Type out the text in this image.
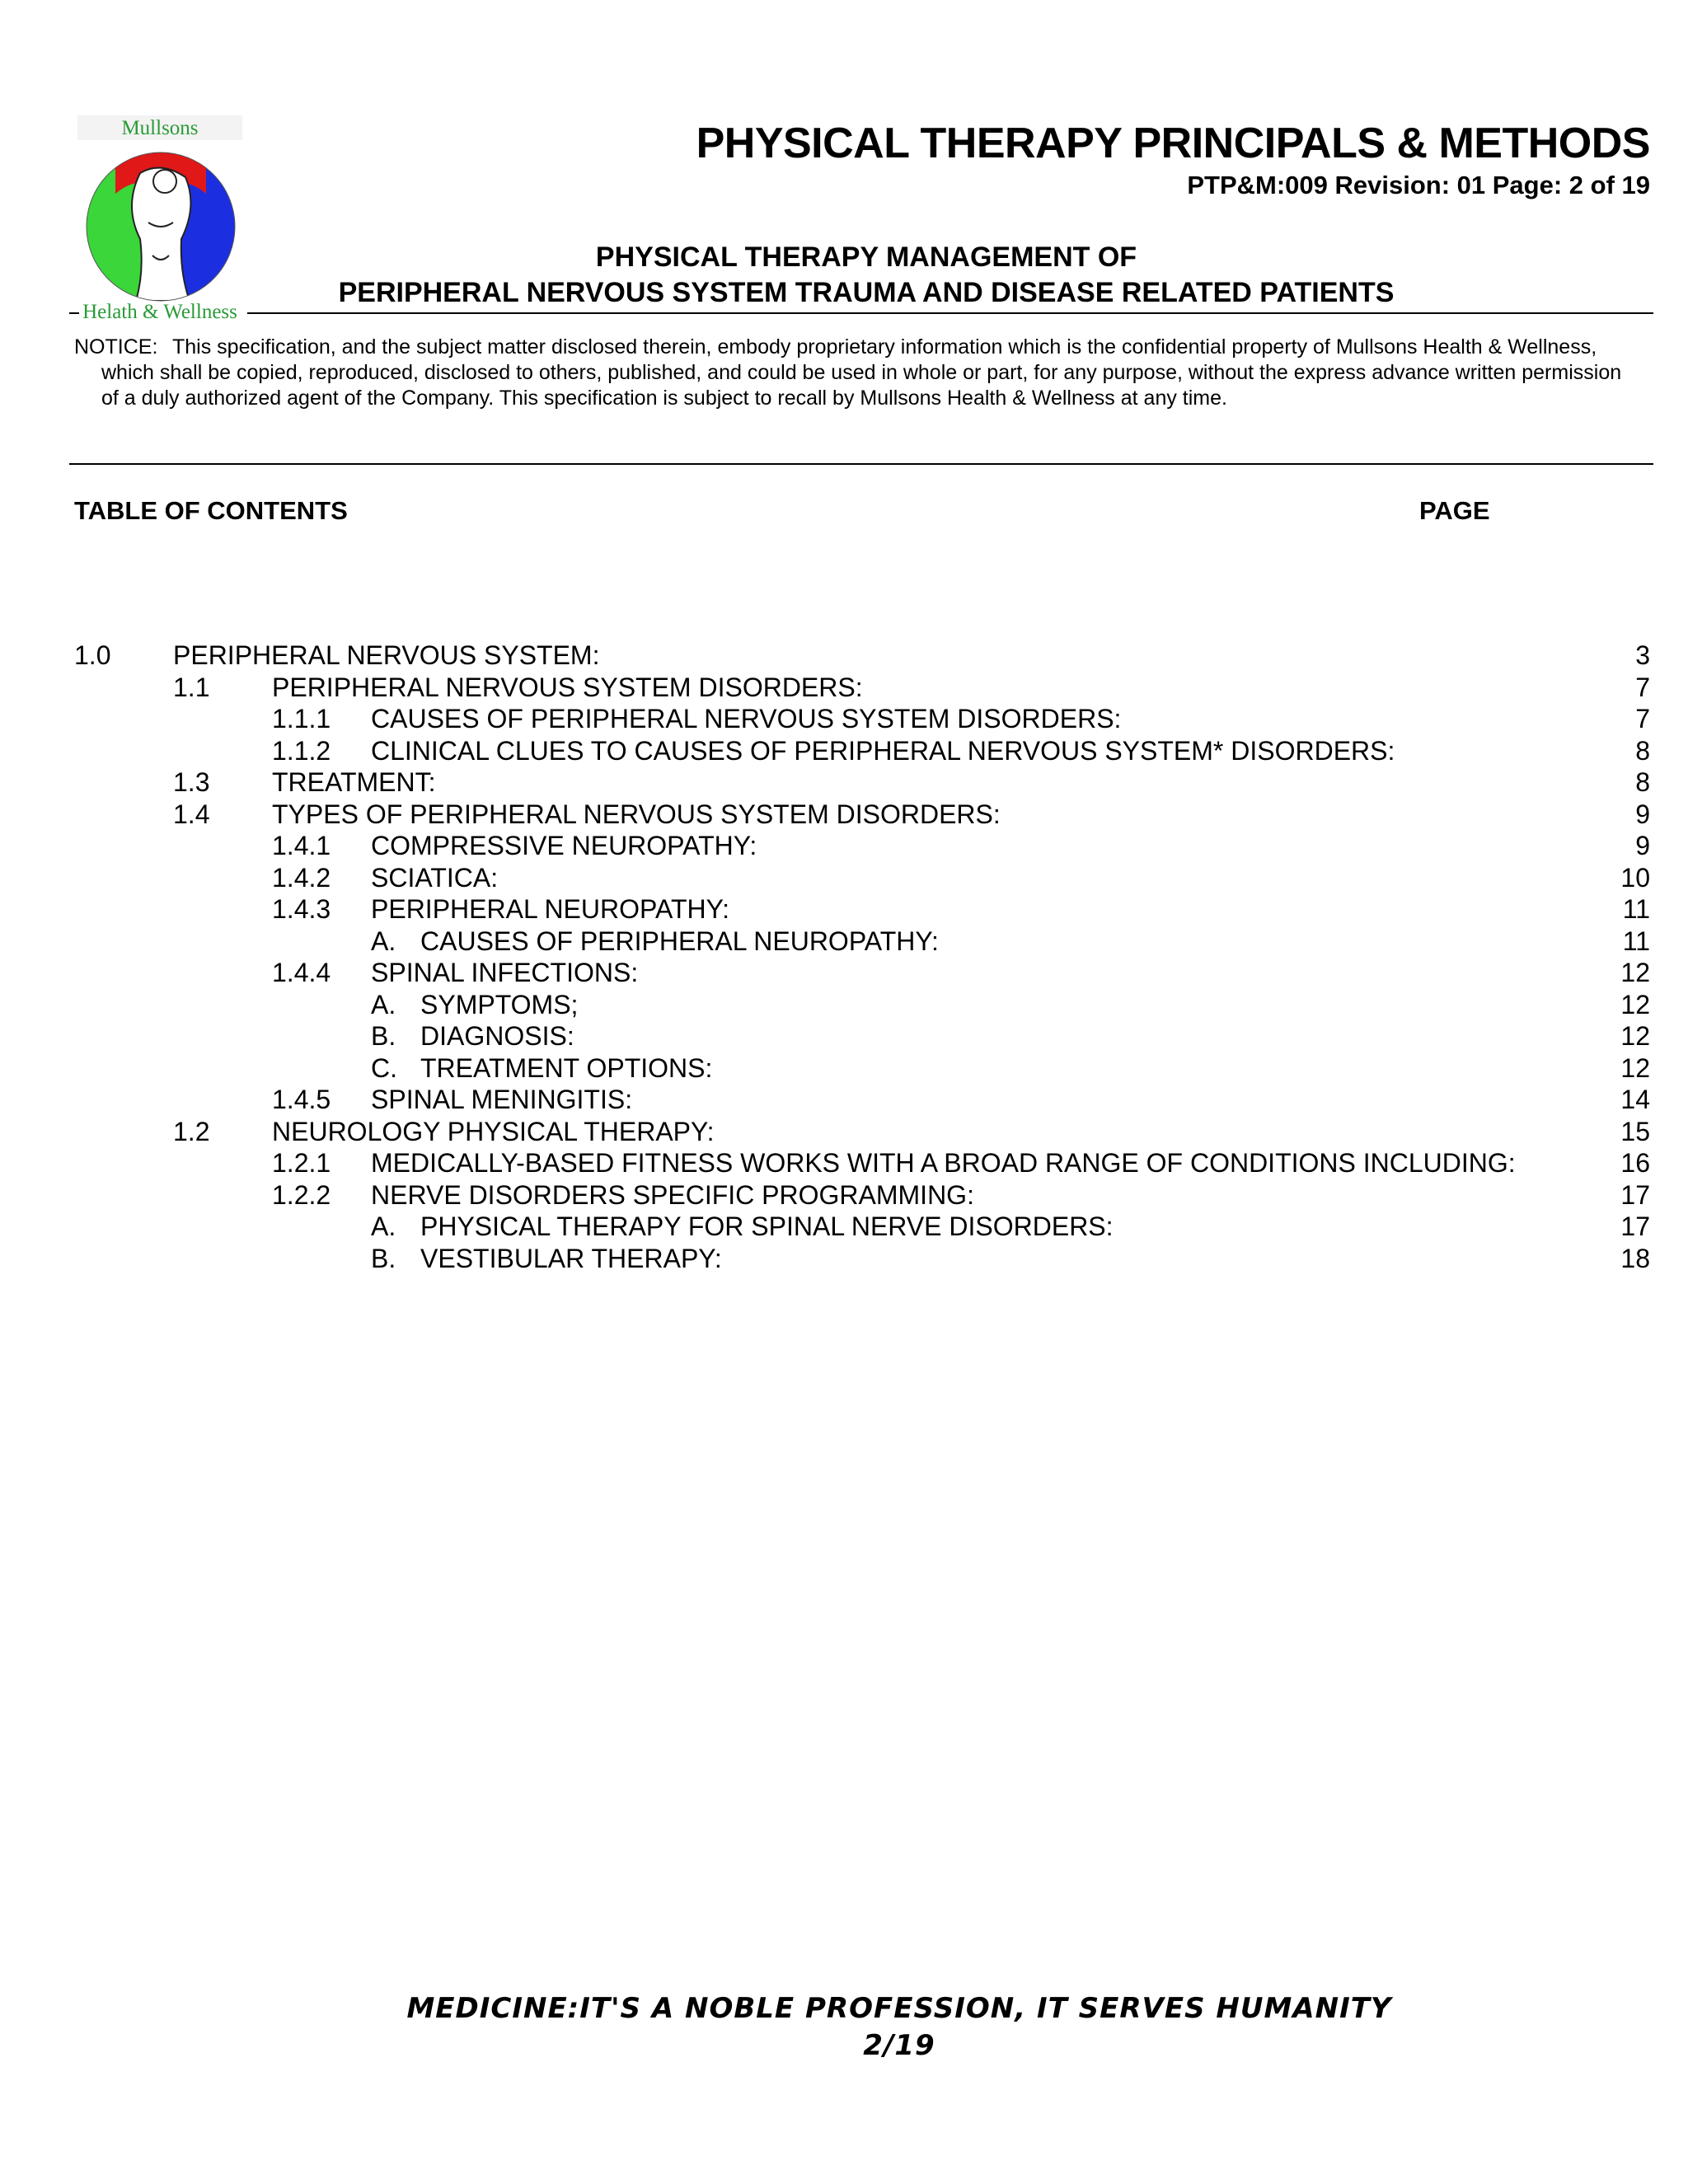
Mullsons
Helath & Wellness
PHYSICAL THERAPY PRINCIPALS & METHODS
PTP&M:009 Revision: 01 Page: 2 of 19
PHYSICAL THERAPY MANAGEMENT OF
PERIPHERAL NERVOUS SYSTEM TRAUMA AND DISEASE RELATED PATIENTS
NOTICE: This specification, and the subject matter disclosed therein, embody proprietary information which is the confidential property of Mullsons Health & Wellness, which shall be copied, reproduced, disclosed to others, published, and could be used in whole or part, for any purpose, without the express advance written permission of a duly authorized agent of the Company. This specification is subject to recall by Mullsons Health & Wellness at any time.
TABLE OF CONTENTS	PAGE
1.0 PERIPHERAL NERVOUS SYSTEM:	3
1.1 PERIPHERAL NERVOUS SYSTEM DISORDERS:	7
1.1.1 CAUSES OF PERIPHERAL NERVOUS SYSTEM DISORDERS:	7
1.1.2 CLINICAL CLUES TO CAUSES OF PERIPHERAL NERVOUS SYSTEM* DISORDERS:	8
1.3 TREATMENT:	8
1.4 TYPES OF PERIPHERAL NERVOUS SYSTEM DISORDERS:	9
1.4.1 COMPRESSIVE NEUROPATHY:	9
1.4.2 SCIATICA:	10
1.4.3 PERIPHERAL NEUROPATHY:	11
A. CAUSES OF PERIPHERAL NEUROPATHY:	11
1.4.4 SPINAL INFECTIONS:	12
A. SYMPTOMS;	12
B. DIAGNOSIS:	12
C. TREATMENT OPTIONS:	12
1.4.5 SPINAL MENINGITIS:	14
1.2 NEUROLOGY PHYSICAL THERAPY:	15
1.2.1 MEDICALLY-BASED FITNESS WORKS WITH A BROAD RANGE OF CONDITIONS INCLUDING:	16
1.2.2 NERVE DISORDERS SPECIFIC PROGRAMMING:	17
A. PHYSICAL THERAPY FOR SPINAL NERVE DISORDERS:	17
B. VESTIBULAR THERAPY:	18
MEDICINE:IT'S A NOBLE PROFESSION, IT SERVES HUMANITY
2/19
